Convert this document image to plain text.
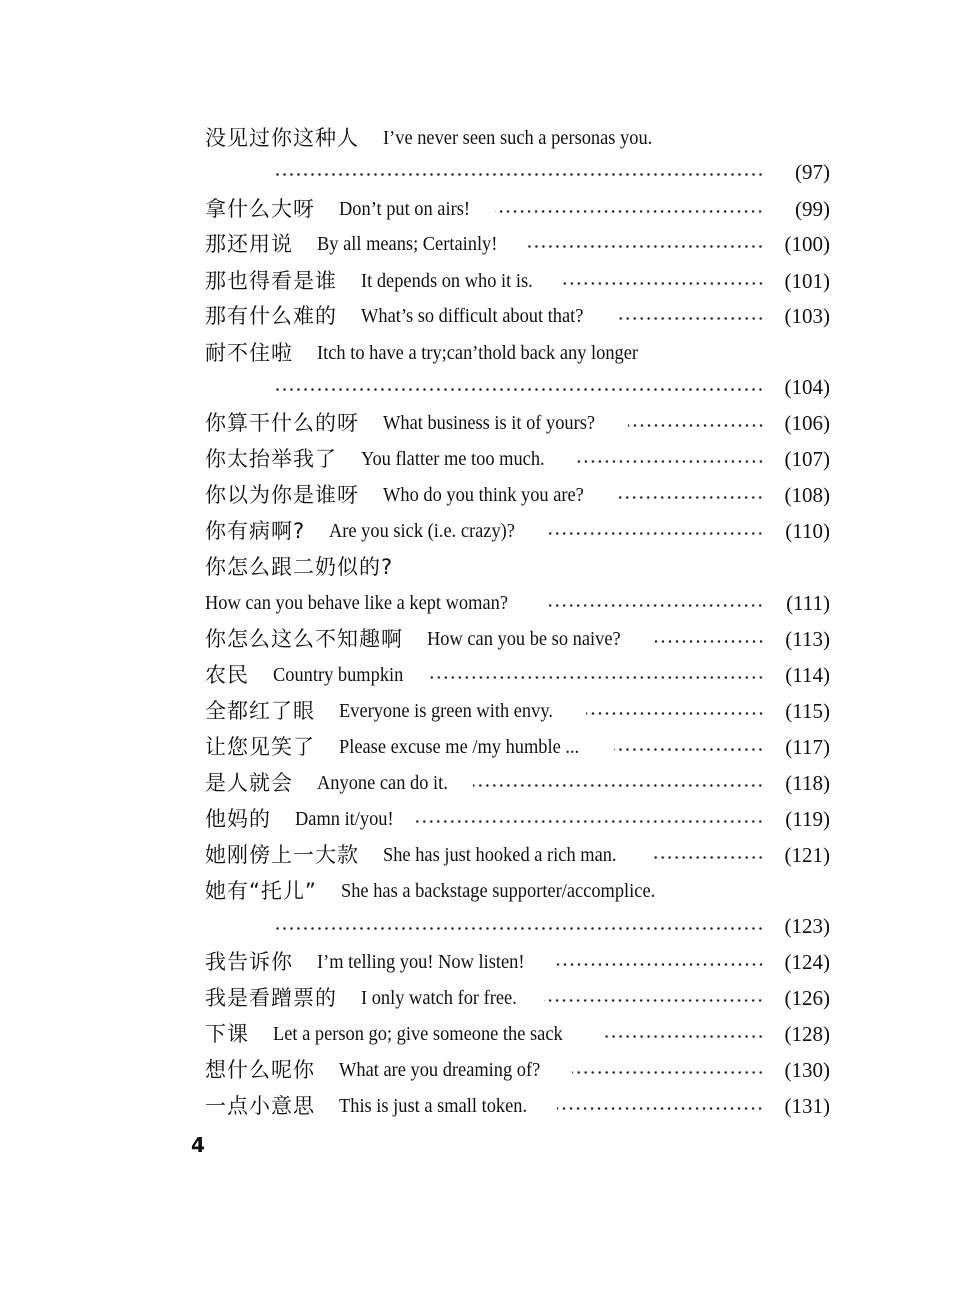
没见过你这种人 I’ve never seen such a personas you.
(97)
拿什么大呀 Don’t put on airs!	(99)
那还用说 By all means; Certainly!	(100)
那也得看是谁 It depends on who it is.	(101)
那有什么难的 What’s so difficult about that?	(103)
耐不住啦 Itch to have a try;can’thold back any longer
(104)
你算干什么的呀 What business is it of yours?	(106)
你太抬举我了 You flatter me too much.	(107)
你以为你是谁呀 Who do you think you are?	(108)
你有病啊? Are you sick (i.e. crazy)?	(110)
你怎么跟二奶似的?
How can you behave like a kept woman?	(111)
你怎么这么不知趣啊 How can you be so naive?	(113)
农民 Country bumpkin	(114)
全都红了眼 Everyone is green with envy.	(115)
让您见笑了 Please excuse me /my humble ...	(117)
是人就会 Anyone can do it.	(118)
他妈的 Damn it/you!	(119)
她刚傍上一大款 She has just hooked a rich man.	(121)
她有“托儿” She has a backstage supporter/accomplice.
(123)
我告诉你 I’m telling you! Now listen!	(124)
我是看蹭票的 I only watch for free.	(126)
下课 Let a person go; give someone the sack	(128)
想什么呢你 What are you dreaming of?	(130)
一点小意思 This is just a small token.	(131)
4
